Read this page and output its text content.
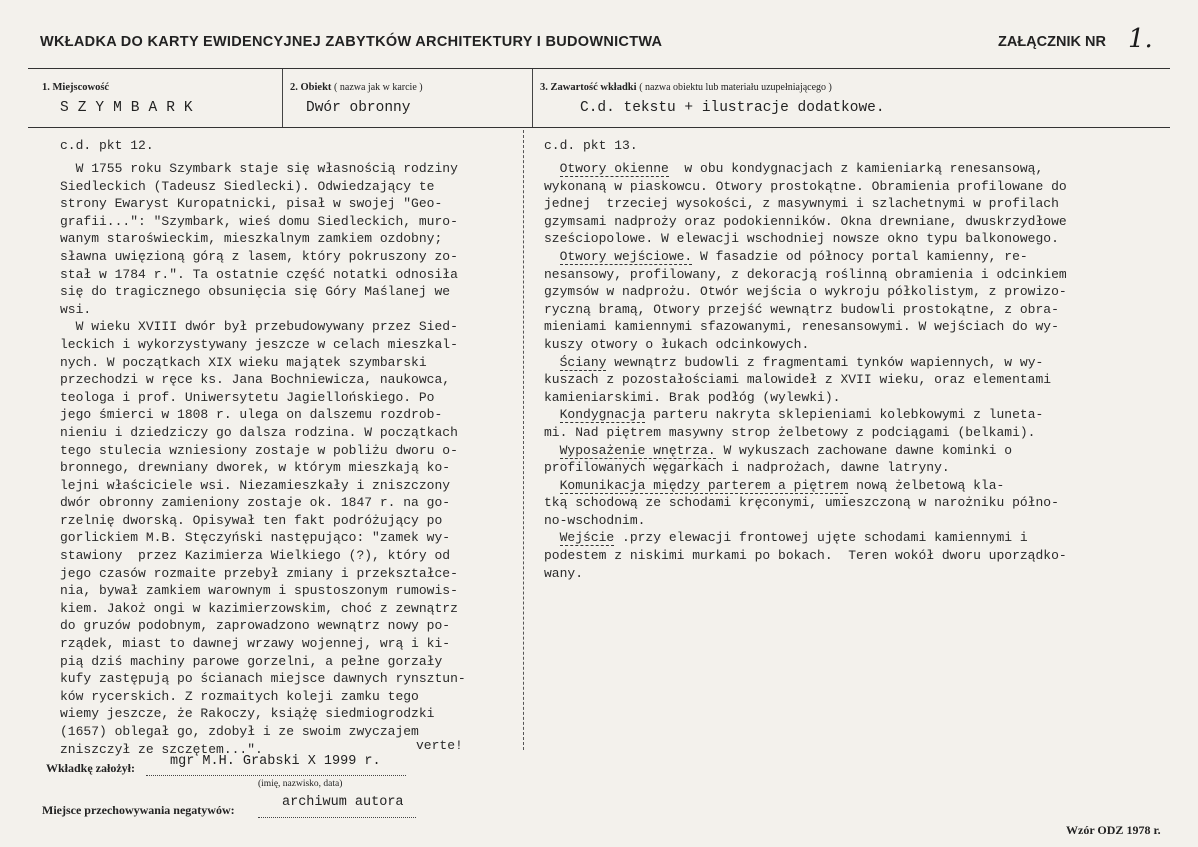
WKŁADKA DO KARTY EWIDENCYJNEJ ZABYTKÓW ARCHITEKTURY I BUDOWNICTWA	ZAŁĄCZNIK NR 1.
1. Miejscowość
SZYMBARK
2. Obiekt ( nazwa jak w karcie )
Dwór obronny
3. Zawartość wkładki ( nazwa obiektu lub materiału uzupełniającego )
C.d. tekstu + ilustracje dodatkowe.
c.d. pkt 12.
W 1755 roku Szymbark staje się własnością rodziny
Siedleckich (Tadeusz Siedlecki). Odwiedzający te
strony Ewaryst Kuropatnicki, pisał w swojej "Geo-
grafii...": "Szymbark, wieś domu Siedleckich, muro-
wanym staroświeckim, mieszkalnym zamkiem ozdobny;
sławna uwięzioną górą z lasem, który pokruszony zo-
stał w 1784 r.". Ta ostatnie część notatki odnosiła
się do tragicznego obsunięcia się Góry Maślanej we
wsi.
W wieku XVIII dwór był przebudowywany przez Sied-
leckich i wykorzystywany jeszcze w celach mieszkal-
nych. W początkach XIX wieku majątek szymbarski
przechodzi w ręce ks. Jana Bochniewicza, naukowca,
teologa i prof. Uniwersytetu Jagiellońskiego. Po
jego śmierci w 1808 r. ulega on dalszemu rozdrob-
nieniu i dziedziczy go dalsza rodzina. W początkach
tego stulecia wzniesiony zostaje w pobliżu dworu o-
bronnego, drewniany dworek, w którym mieszkają ko-
lejni właściciele wsi. Niezamieszkały i zniszczony
dwór obronny zamieniony zostaje ok. 1847 r. na go-
rzelnię dworską. Opisywał ten fakt podróżujący po
gorlickiem M.B. Stęczyński następująco: "zamek wy-
stawiony  przez Kazimierza Wielkiego (?), który od
jego czasów rozmaite przebył zmiany i przekształce-
nia, bywał zamkiem warownym i spustoszonym rumowis-
kiem. Jakoż ongi w kazimierzowskim, choć z zewnątrz
do gruzów podobnym, zaprowadzono wewnątrz nowy po-
rządek, miast to dawnej wrzawy wojennej, wrą i ki-
pią dziś machiny parowe gorzelni, a pełne gorzały
kufy zastępują po ścianach miejsce dawnych rynsztun-
ków rycerskich. Z rozmaitych koleji zamku tego
wiemy jeszcze, że Rakoczy, książę siedmiogrodzki
(1657) oblegał go, zdobył i ze swoim zwyczajem
zniszczył ze szczętem...".	verte!
c.d. pkt 13.
Otwory okienne  w obu kondygnacjach z kamieniarką renesansową,
wykonaną w piaskowcu. Otwory prostokątne. Obramienia profilowane do
jednej  trzeciej wysokości, z masywnymi i szlachetnymi w profilach
gzymsami nadproży oraz podokienników. Okna drewniane, dwuskrzydłowe
sześciopolowe. W elewacji wschodniej nowsze okno typu balkonowego.
Otwory wejściowe. W fasadzie od północy portal kamienny, re-
nesansowy, profilowany, z dekoracją roślinną obramienia i odcinkiem
gzymsów w nadprożu. Otwór wejścia o wykroju półkolistym, z prowizo-
ryczną bramą, Otwory przejść wewnątrz budowli prostokątne, z obra-
mieniami kamiennymi sfazowanymi, renesansowymi. W wejściach do wy-
kuszy otwory o łukach odcinkowych.
Ściany wewnątrz budowli z fragmentami tynków wapiennych, w wy-
kuszach z pozostałościami malowideł z XVII wieku, oraz elementami
kamieniarskimi. Brak podłóg (wylewki).
Kondygnacja parteru nakryta sklepieniami kolebkowymi z luneta-
mi. Nad piętrem masywny strop żelbetowy z podciągami (belkami).
Wyposażenie wnętrza. W wykuszach zachowane dawne kominki o
profilowanych węgarkach i nadprożach, dawne latryny.
Komunikacja między parterem a piętrem nową żelbetową kla-
tką schodową ze schodami kręconymi, umieszczoną w narożniku półno-
no-wschodnim.
Wejście .przy elewacji frontowej ujęte schodami kamiennymi i
podestem z niskimi murkami po bokach.  Teren wokół dworu uporządko-
wany.
Wkładkę założył:	mgr M.H. Grabski X 1999 r.
(imię, nazwisko, data)
Miejsce przechowywania negatywów:	archiwum autora
Wzór ODZ 1978 r.
